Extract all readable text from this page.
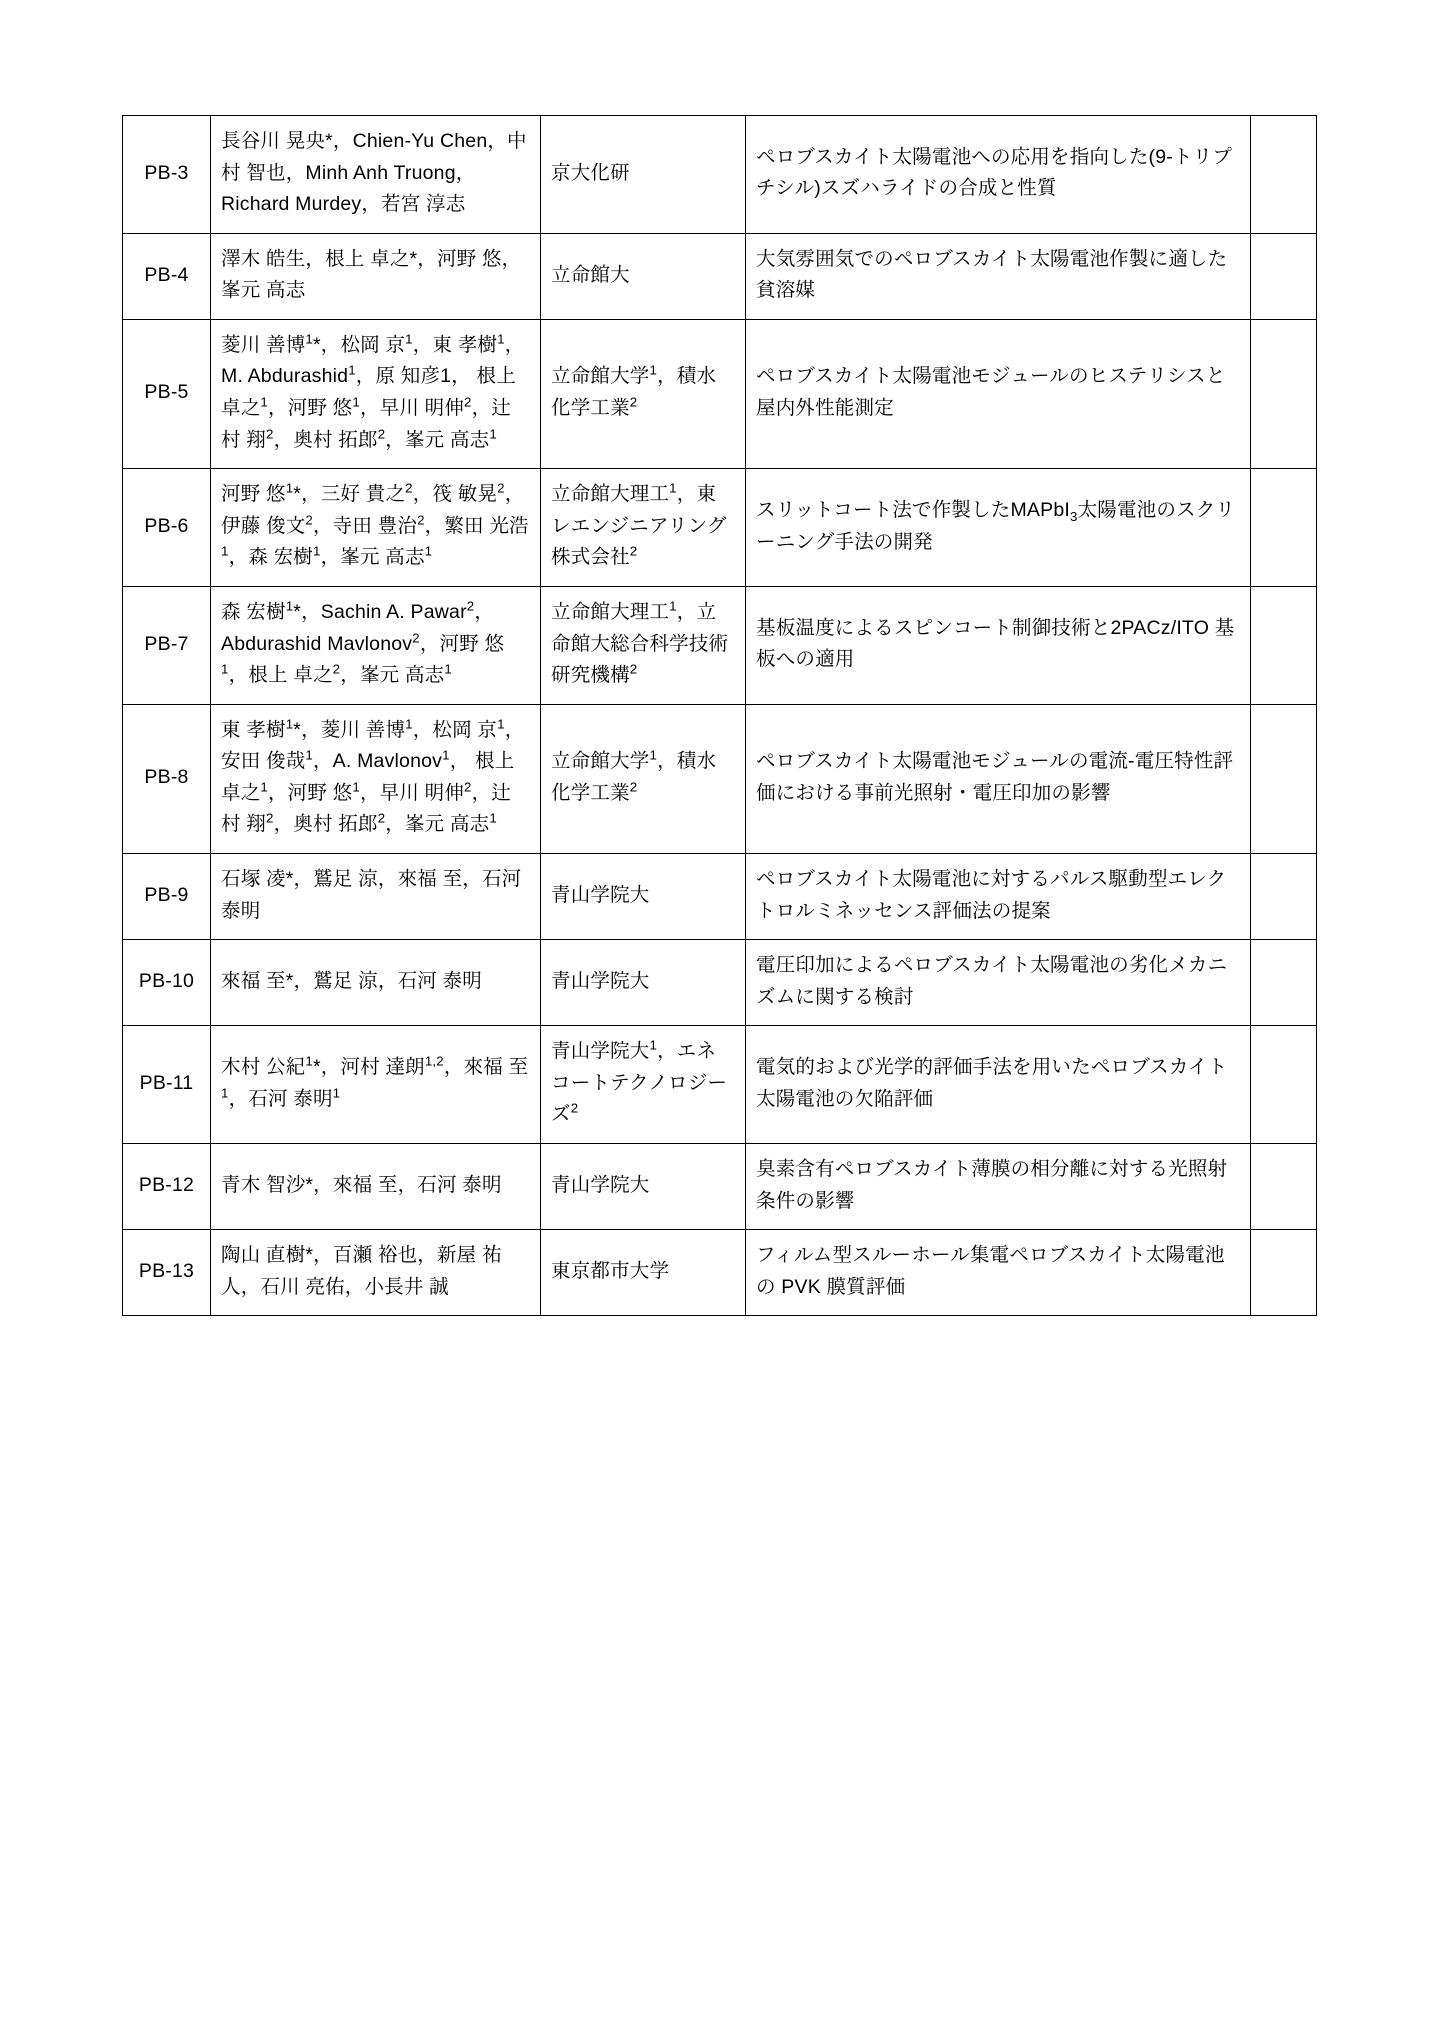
PB-3	長谷川 晃央*，Chien-Yu Chen，中村 智也，Minh Anh Truong，Richard Murdey，若宮 淳志	京大化研	ペロブスカイト太陽電池への応用を指向した(9-トリプチシル)スズハライドの合成と性質	
PB-4	澤木 皓生，根上 卓之*，河野 悠，峯元 高志	立命館大	大気雰囲気でのペロブスカイト太陽電池作製に適した貧溶媒	
PB-5	菱川 善博$^1$*，松岡 京$^1$，東 孝樹$^1$，M. Abdurashid$^1$，原 知彦1， 根上 卓之$^1$，河野 悠$^1$，早川 明伸$^2$，辻村 翔$^2$，奥村 拓郎$^2$，峯元 高志$^1$	立命館大学$^1$，積水化学工業$^2$	ペロブスカイト太陽電池モジュールのヒステリシスと屋内外性能測定	
PB-6	河野 悠$^1$*，三好 貴之$^2$，筏 敏晃$^2$，伊藤 俊文$^2$，寺田 豊治$^2$，繁田 光浩$^1$，森 宏樹$^1$，峯元 高志$^1$	立命館大理工$^1$，東レエンジニアリング株式会社$^2$	スリットコート法で作製したMAPbI$_3$太陽電池のスクリーニング手法の開発	
PB-7	森 宏樹$^1$*，Sachin A. Pawar$^2$，Abdurashid Mavlonov$^2$，河野 悠$^1$，根上 卓之$^2$，峯元 高志$^1$	立命館大理工$^1$，立命館大総合科学技術研究機構$^2$	基板温度によるスピンコート制御技術と2PACz/ITO 基板への適用	
PB-8	東 孝樹$^1$*，菱川 善博$^1$，松岡 京$^1$，安田 俊哉$^1$，A. Mavlonov$^1$， 根上 卓之$^1$，河野 悠$^1$，早川 明伸$^2$，辻村 翔$^2$，奥村 拓郎$^2$，峯元 高志$^1$	立命館大学$^1$，積水化学工業$^2$	ペロブスカイト太陽電池モジュールの電流-電圧特性評価における事前光照射・電圧印加の影響	
PB-9	石塚 凌*，鷲足 涼，來福 至，石河 泰明	青山学院大	ペロブスカイト太陽電池に対するパルス駆動型エレクトロルミネッセンス評価法の提案	
PB-10	來福 至*，鷲足 涼，石河 泰明	青山学院大	電圧印加によるペロブスカイト太陽電池の劣化メカニズムに関する検討	
PB-11	木村 公紀$^1$*，河村 達朗$^{1,2}$，來福 至$^1$，石河 泰明$^1$	青山学院大$^1$，エネコートテクノロジーズ$^2$	電気的および光学的評価手法を用いたペロブスカイト太陽電池の欠陥評価	
PB-12	青木 智沙*，來福 至，石河 泰明	青山学院大	臭素含有ペロブスカイト薄膜の相分離に対する光照射条件の影響	
PB-13	陶山 直樹*，百瀬 裕也，新屋 祐人，石川 亮佑，小長井 誠	東京都市大学	フィルム型スルーホール集電ペロブスカイト太陽電池の PVK 膜質評価	
